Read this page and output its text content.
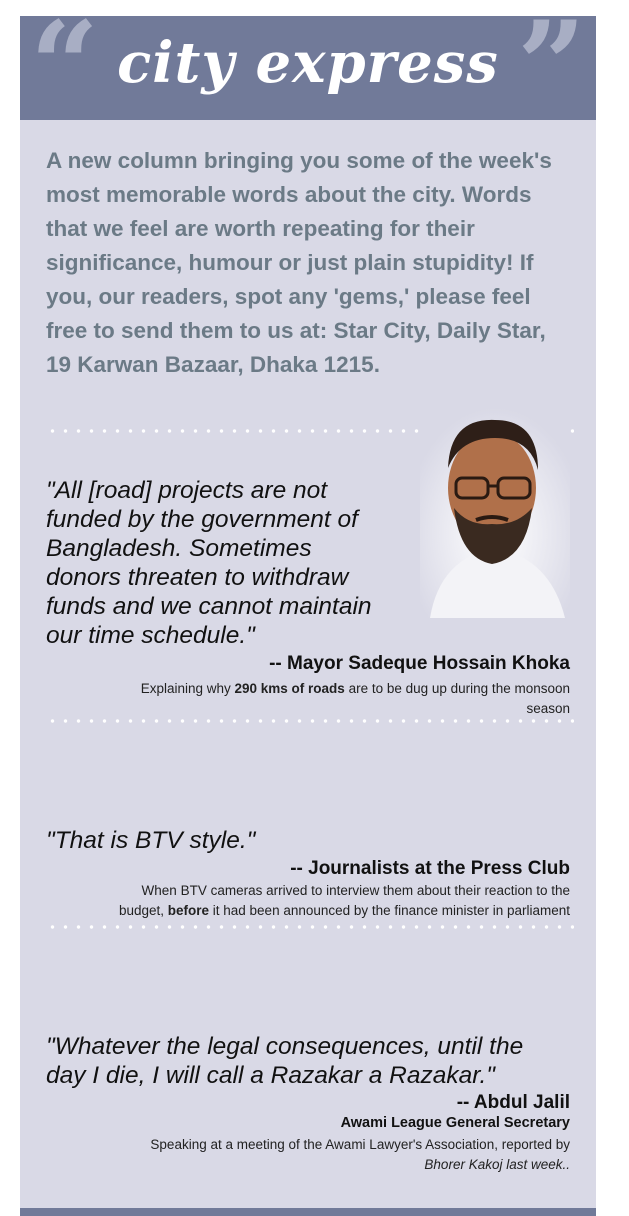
“	”
city express
A new column bringing you some of the week's most memorable words about the city. Words that we feel are worth repeating for their significance, humour or just plain stupidity! If you, our readers, spot any 'gems,' please feel free to send them to us at: Star City, Daily Star, 19 Karwan Bazaar, Dhaka 1215.
"All [road] projects are not
funded by the government of
Bangladesh. Sometimes
donors threaten to withdraw
funds and we cannot maintain
our time schedule."
-- Mayor Sadeque Hossain Khoka
Explaining why 290 kms of roads are to be dug up during the monsoon
season
"That is BTV style."
-- Journalists at the Press Club
When BTV cameras arrived to interview them about their reaction to the
budget, before it had been announced by the finance minister in parliament
"Whatever the legal consequences, until the
day I die, I will call a Razakar a Razakar."
-- Abdul Jalil
Awami League General Secretary
Speaking at a meeting of the Awami Lawyer's Association, reported by
Bhorer Kakoj last week..
